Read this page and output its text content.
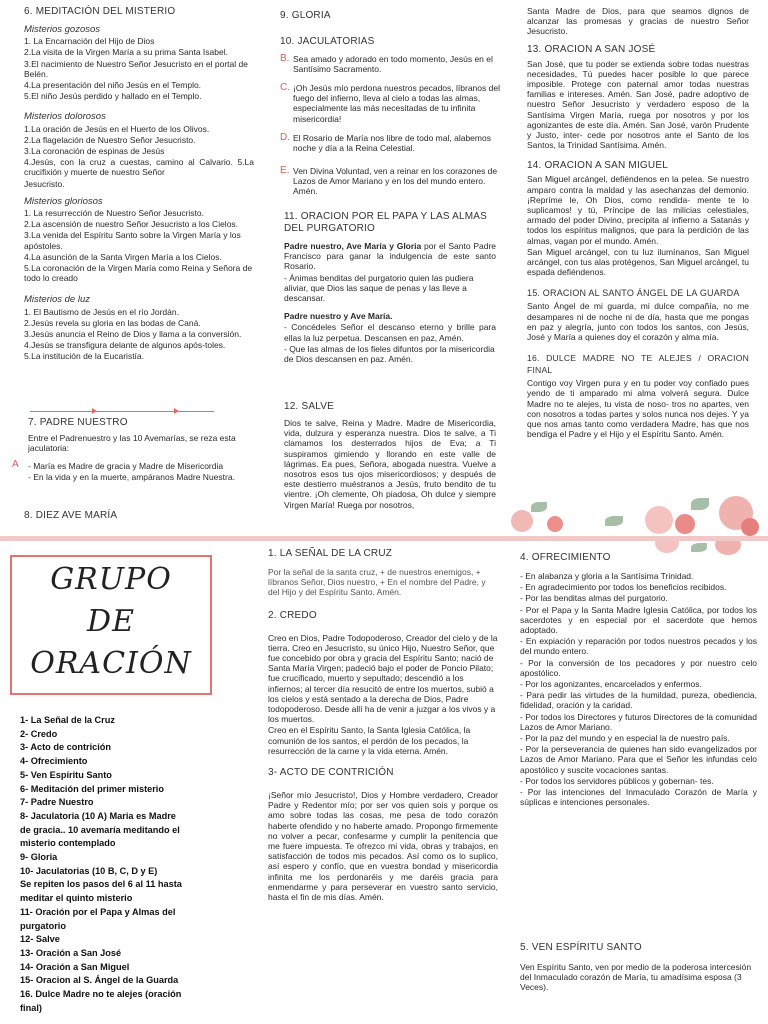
6. MEDITACIÓN DEL MISTERIO
Misterios gozosos
1. La Encarnación del Hijo de Dios
2.La visita de la Virgen María a su prima Santa Isabel.
3.El nacimiento de Nuestro Señor Jesucristo en el portal de Belén.
4.La presentación del niño Jesús en el Templo.
5.El niño Jesús perdido y hallado en el Templo.
Misterios dolorosos
1.La oración de Jesús en el Huerto de los Olivos.
2.La flagelación de Nuestro Señor Jesucristo.
3.La coronación de espinas de Jesús
4.Jesús, con la cruz a cuestas, camino al Calvario. 5.La crucifixión y muerte de nuestro Señor
Jesucristo.
Misterios gloriosos
1. La resurrección de Nuestro Señor Jesucristo.
2.La ascensión de nuestro Señor Jesucristo a los Cielos.
3.La venida del Espíritu Santo sobre la Virgen María y los apóstoles.
4.La asunción de la Santa Virgen María a los Cielos.
5.La coronación de la Virgen María como Reina y Señora de todo lo creado
Misterios de luz
1. El Bautismo de Jesús en el río Jordán.
2.Jesús revela su gloria en las bodas de Caná.
3.Jesús anuncia el Reino de Dios y llama a la conversión.
4.Jesús se transfigura delante de algunos após-toles.
5.La institución de la Eucaristía.
7. PADRE NUESTRO
Entre el Padrenuestro y las 10 Avemarías, se reza esta jaculatoria:
A - María es Madre de gracia y Madre de Misericordia
- En la vida y en la muerte, ampáranos Madre Nuestra.
8. DIEZ AVE MARÍA
9. GLORIA
10. JACULATORIAS
B. Sea amado y adorado en todo momento, Jesús en el Santísimo Sacramento.
C. ¡Oh Jesús mío perdona nuestros pecados, líbranos del fuego del infierno, lleva al cielo a todas las almas, especialmente las más necesitadas de tu infinita misericordia!
D. El Rosario de María nos libre de todo mal, alabemos noche y día a la Reina Celestial.
E. Ven Divina Voluntad, ven a reinar en los corazones de Lazos de Amor Mariano y en los del mundo entero. Amén.
11. ORACION POR EL PAPA Y LAS ALMAS DEL PURGATORIO
Padre nuestro, Ave María y Gloria por el Santo Padre Francisco para ganar la indulgencia de este santo Rosario.
- Ánimas benditas del purgatorio quien las pudiera aliviar, que Dios las saque de penas y las lleve a descansar.
Padre nuestro y Ave María.
- Concédeles Señor el descanso eterno y brille para ellas la luz perpetua. Descansen en paz, Amén.
- Que las almas de los fieles difuntos por la misericordia de Dios descansen en paz. Amén.
12. SALVE
Dios te salve, Reina y Madre. Madre de Misericordia, vida, dulzura y esperanza nuestra. Dios te salve, a Ti clamamos los desterrados hijos de Eva; a Ti suspiramos gimiendo y llorando en este valle de lágrimas. Ea pues, Señora, abogada nuestra. Vuelve a nosotros esos tus ojos misericordiosos; y después de este destierro muéstranos a Jesús, fruto bendito de tu vientre. ¡Oh clemente, Oh piadosa, Oh dulce y siempre Virgen María! Ruega por nosotros,
Santa Madre de Dios, para que seamos dignos de alcanzar las promesas y gracias de nuestro Señor Jesucristo.
13. ORACION A SAN JOSÉ
San José, que tu poder se extienda sobre todas nuestras necesidades, Tú puedes hacer posible lo que parece imposible. Protege con paternal amor todas nuestras familias e intereses. Amén. San José, padre adoptivo de nuestro Señor Jesucristo y verdadero esposo de la Santísima Virgen María, ruega por nosotros y por los agonizantes de este día. Amén. San José, varón Prudente y Justo, inter- cede por nosotros ante el Santo de los Santos, la Trinidad Santísima. Amén.
14. ORACION A SAN MIGUEL
San Miguel arcángel, defiéndenos en la pelea. Se nuestro amparo contra la maldad y las asechanzas del demonio. ¡Repríme le, Oh Dios, como rendida- mente te lo suplicamos! y tú, Príncipe de las milicias celestiales, armado del poder Divino, precipita al infierno a Satanás y todos los espíritus malignos, que para la perdición de las almas, vagan por el mundo. Amén.
San Miguel arcángel, con tu luz ilumínanos, San Miguel arcángel, con tus alas protégenos, San Miguel arcángel, tu espada defiéndenos.
15. ORACION AL SANTO ÁNGEL DE LA GUARDA
Santo Ángel de mi guarda, mi dulce compañía, no me desampares ni de noche ni de día, hasta que me pongas en paz y alegría, junto con todos los santos, con Jesús, José y María a quienes doy el corazón y alma mía.
16. DULCE MADRE NO TE ALEJES / ORACION FINAL
Contigo voy Virgen pura y en tu poder voy confiado pues yendo de ti amparado mi alma volverá segura. Dulce Madre no te alejes, tu vista de noso- tros no apartes, ven con nosotros a todas partes y solos nunca nos dejes. Y ya que nos amas tanto como verdadera Madre, has que nos bendiga el Padre y el Hijo y el Espíritu Santo. Amén.
GRUPO
DE
ORACIÓN
1- La Señal de la Cruz
2- Credo
3- Acto de contrición
4- Ofrecimiento
5- Ven Espíritu Santo
6- Meditación del primer misterio
7- Padre Nuestro
8- Jaculatoria (10 A) Maria es Madre
de gracia.. 10 avemaría meditando el
misterio contemplado
9- Gloria
10- Jaculatorias (10 B, C, D y E)
Se repiten los pasos del 6 al 11 hasta
meditar el quinto misterio
11- Oración por el Papa y Almas del
purgatorio
12- Salve
13- Oración a San José
14- Oración a San Miguel
15- Oracion al S. Ángel de la Guarda
16. Dulce Madre no te alejes (oración
final)
1. LA SEÑAL DE LA CRUZ
Por la señal de la santa cruz, + de nuestros enemigos, + líbranos Señor, Dios nuestro, + En el nombre del Padre, y del Hijo y del Espíritu Santo. Amén.
2. CREDO
Creo en Dios, Padre Todopoderoso, Creador del cielo y de la tierra. Creo en Jesucristo, su único Hijo, Nuestro Señor, que fue concebido por obra y gracia del Espíritu Santo; nació de Santa María Virgen; padeció bajo el poder de Poncio Pilato; fue crucificado, muerto y sepultado; descendió a los infiernos; al tercer día resucitó de entre los muertos, subió a los cielos y está sentado a la derecha de Dios, Padre todopoderoso. Desde allí ha de venir a juzgar a los vivos y a los muertos.
Creo en el Espíritu Santo, la Santa Iglesia Católica, la comunión de los santos, el perdón de los pecados, la resurrección de la carne y la vida eterna. Amén.
3- ACTO DE CONTRICIÓN
¡Señor mío Jesucristo!, Dios y Hombre verdadero, Creador Padre y Redentor mío; por ser vos quien sois y porque os amo sobre todas las cosas, me pesa de todo corazón haberte ofendido y no haberte amado. Propongo firmemente no volver a pecar, confesarme y cumplir la penitencia que me fuere impuesta. Te ofrezco mi vida, obras y trabajos, en satisfacción de todos mis pecados. Así como os lo suplico, así espero y confío, que en vuestra bondad y misericordia infinita me los perdonaréis y me daréis gracia para enmendarme y para perseverar en vuestro santo servicio, hasta el fin de mis días. Amén.
4. OFRECIMIENTO
- En alabanza y gloria a la Santísima Trinidad.
- En agradecimiento por todos los beneficios recibidos.
- Por las benditas almas del purgatorio.
- Por el Papa y la Santa Madre Iglesia Católica, por todos los sacerdotes y en especial por el sacerdote que hemos adoptado.
- En expiación y reparación por todos nuestros pecados y los del mundo entero.
- Por la conversión de los pecadores y por nuestro celo apostólico.
- Por los agonizantes, encarcelados y enfermos.
- Para pedir las virtudes de la humildad, pureza, obediencia, fidelidad, oración y la caridad.
- Por todos los Directores y futuros Directores de la comunidad Lazos de Amor Mariano.
- Por la paz del mundo y en especial la de nuestro país.
- Por la perseverancia de quienes han sido evangelizados por Lazos de Amor Mariano. Para que el Señor les infundas celo apostólico y suscite vocaciones santas.
- Por todos los servidores públicos y gobernan- tes.
- Por las intenciones del Inmaculado Corazón de María y súplicas e intenciones personales.
5. VEN ESPÍRITU SANTO
Ven Espíritu Santo, ven por medio de la poderosa intercesión del Inmaculado corazón de María, tu amadísima esposa (3 Veces).
